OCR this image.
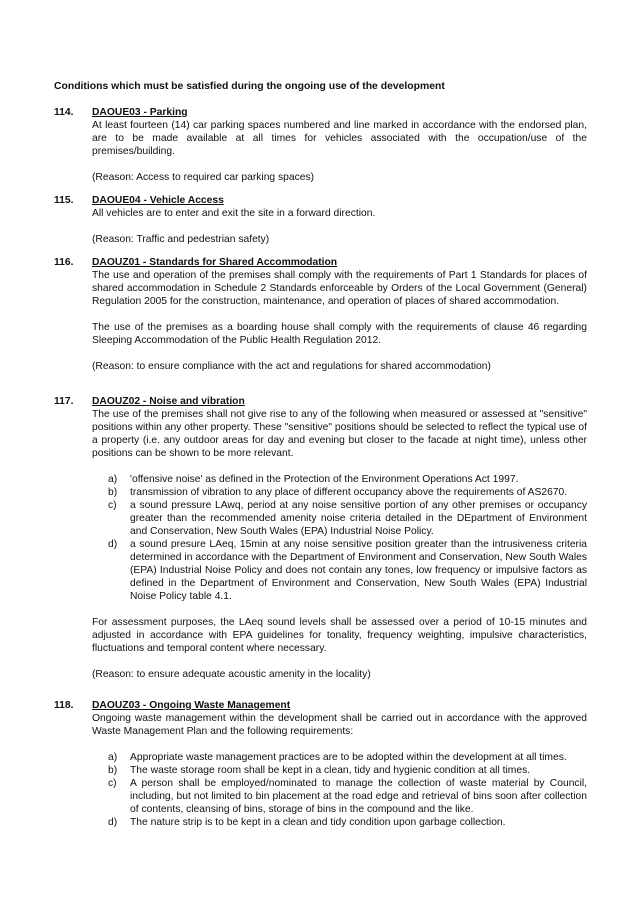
Conditions which must be satisfied during the ongoing use of the development
114. DAOUE03 - Parking

At least fourteen (14) car parking spaces numbered and line marked in accordance with the endorsed plan, are to be made available at all times for vehicles associated with the occupation/use of the premises/building.

(Reason: Access to required car parking spaces)

115. DAOUE04 - Vehicle Access

All vehicles are to enter and exit the site in a forward direction.

(Reason: Traffic and pedestrian safety)

116. DAOUZ01 - Standards for Shared Accommodation

The use and operation of the premises shall comply with the requirements of Part 1 Standards for places of shared accommodation in Schedule 2 Standards enforceable by Orders of the Local Government (General) Regulation 2005 for the construction, maintenance, and operation of places of shared accommodation.

The use of the premises as a boarding house shall comply with the requirements of clause 46 regarding Sleeping Accommodation of the Public Health Regulation 2012.

(Reason: to ensure compliance with the act and regulations for shared accommodation)

117. DAOUZ02 - Noise and vibration

The use of the premises shall not give rise to any of the following when measured or assessed at "sensitive" positions within any other property. These "sensitive" positions should be selected to reflect the typical use of a property (i.e. any outdoor areas for day and evening but closer to the facade at night time), unless other positions can be shown to be more relevant.

a) 'offensive noise' as defined in the Protection of the Environment Operations Act 1997.
b) transmission of vibration to any place of different occupancy above the requirements of AS2670.
c) a sound pressure LAwq, period at any noise sensitive portion of any other premises or occupancy greater than the recommended amenity noise criteria detailed in the DEpartment of Environment and Conservation, New South Wales (EPA) Industrial Noise Policy.
d) a sound presure LAeq, 15min at any noise sensitive position greater than the intrusiveness criteria determined in accordance with the Department of Environment and Conservation, New South Wales (EPA) Industrial Noise Policy and does not contain any tones, low frequency or impulsive factors as defined in the Department of Environment and Conservation, New South Wales (EPA) Industrial Noise Policy table 4.1.

For assessment purposes, the LAeq sound levels shall be assessed over a period of 10-15 minutes and adjusted in accordance with EPA guidelines for tonality, frequency weighting, impulsive characteristics, fluctuations and temporal content where necessary.

(Reason: to ensure adequate acoustic amenity in the locality)

118. DAOUZ03 - Ongoing Waste Management

Ongoing waste management within the development shall be carried out in accordance with the approved Waste Management Plan and the following requirements:

a) Appropriate waste management practices are to be adopted within the development at all times.
b) The waste storage room shall be kept in a clean, tidy and hygienic condition at all times.
c) A person shall be employed/nominated to manage the collection of waste material by Council, including, but not limited to bin placement at the road edge and retrieval of bins soon after collection of contents, cleansing of bins, storage of bins in the compound and the like.
d) The nature strip is to be kept in a clean and tidy condition upon garbage collection.
